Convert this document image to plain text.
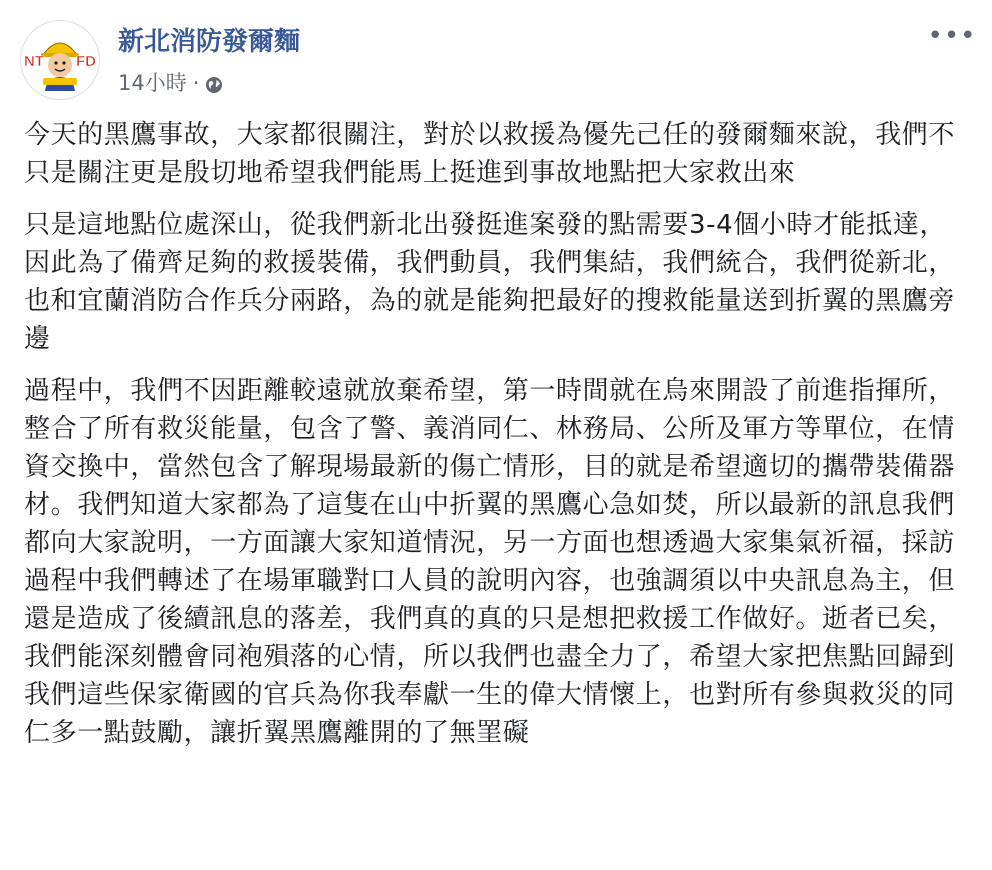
NT FD
新北消防發爾麵
14小時 ·
•••

今天的黑鷹事故，大家都很關注，對於以救援為優先己任的發爾麵來說，我們不只是關注更是殷切地希望我們能馬上挺進到事故地點把大家救出來

只是這地點位處深山，從我們新北出發挺進案發的點需要3-4個小時才能抵達，因此為了備齊足夠的救援裝備，我們動員，我們集結，我們統合，我們從新北，也和宜蘭消防合作兵分兩路，為的就是能夠把最好的搜救能量送到折翼的黑鷹旁邊

過程中，我們不因距離較遠就放棄希望，第一時間就在烏來開設了前進指揮所，整合了所有救災能量，包含了警、義消同仁、林務局、公所及軍方等單位，在情資交換中，當然包含了解現場最新的傷亡情形，目的就是希望適切的攜帶裝備器材。我們知道大家都為了這隻在山中折翼的黑鷹心急如焚，所以最新的訊息我們都向大家說明，一方面讓大家知道情況，另一方面也想透過大家集氣祈福，採訪過程中我們轉述了在場軍職對口人員的說明內容，也強調須以中央訊息為主，但還是造成了後續訊息的落差，我們真的真的只是想把救援工作做好。逝者已矣，我們能深刻體會同袍殞落的心情，所以我們也盡全力了，希望大家把焦點回歸到我們這些保家衛國的官兵為你我奉獻一生的偉大情懷上，也對所有參與救災的同仁多一點鼓勵，讓折翼黑鷹離開的了無罣礙
